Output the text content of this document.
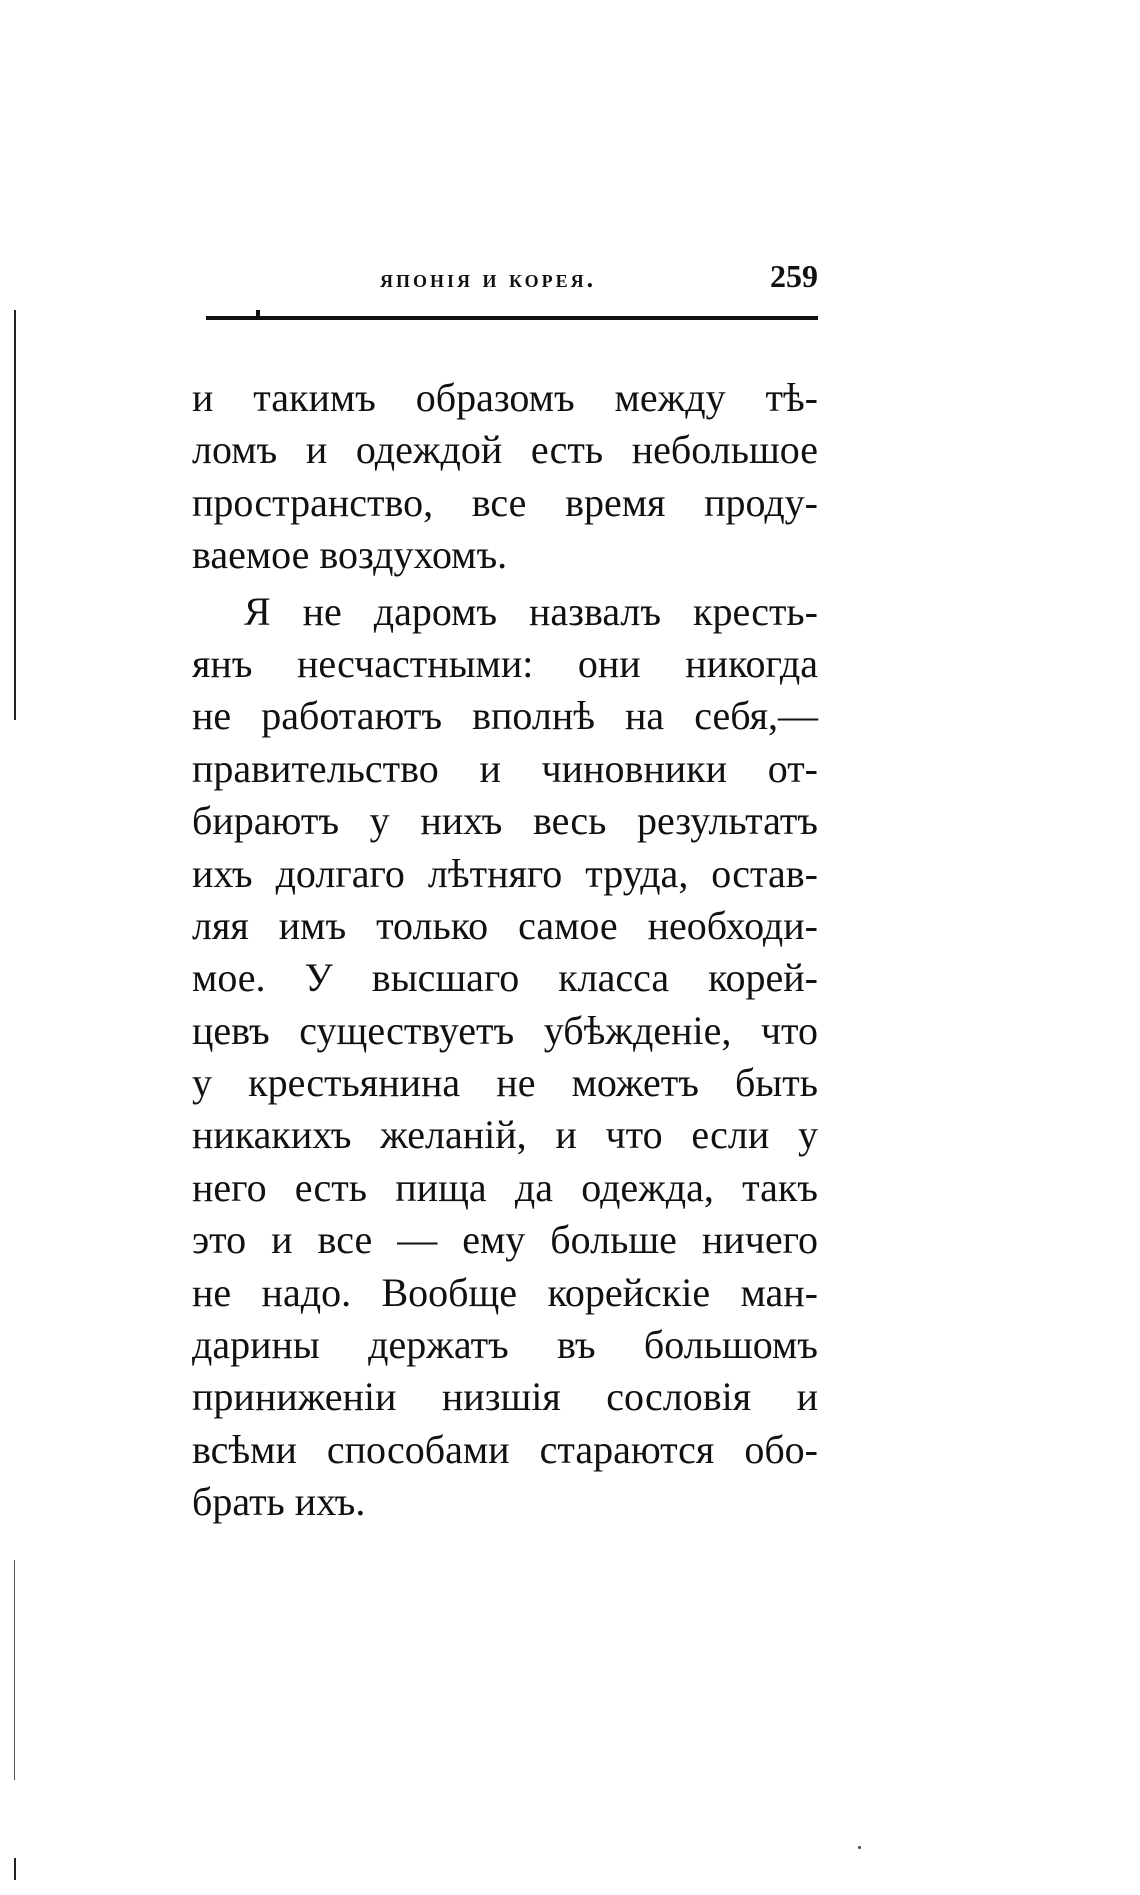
японія и корея.	259
и такимъ образомъ между тѣ-
ломъ и одеждой есть небольшое
пространство, все время проду-
ваемое воздухомъ.
Я не даромъ назвалъ кресть-
янъ несчастными: они никогда
не работаютъ вполнѣ на себя,—
правительство и чиновники от-
бираютъ у нихъ весь результатъ
ихъ долгаго лѣтняго труда, остав-
ляя имъ только самое необходи-
мое. У высшаго класса корей-
цевъ существуетъ убѣжденіе, что
у крестьянина не можетъ быть
никакихъ желаній, и что если у
него есть пища да одежда, такъ
это и все — ему больше ничего
не надо. Вообще корейскіе ман-
дарины держатъ въ большомъ
приниженіи низшія сословія и
всѣми способами стараются обо-
брать ихъ.
